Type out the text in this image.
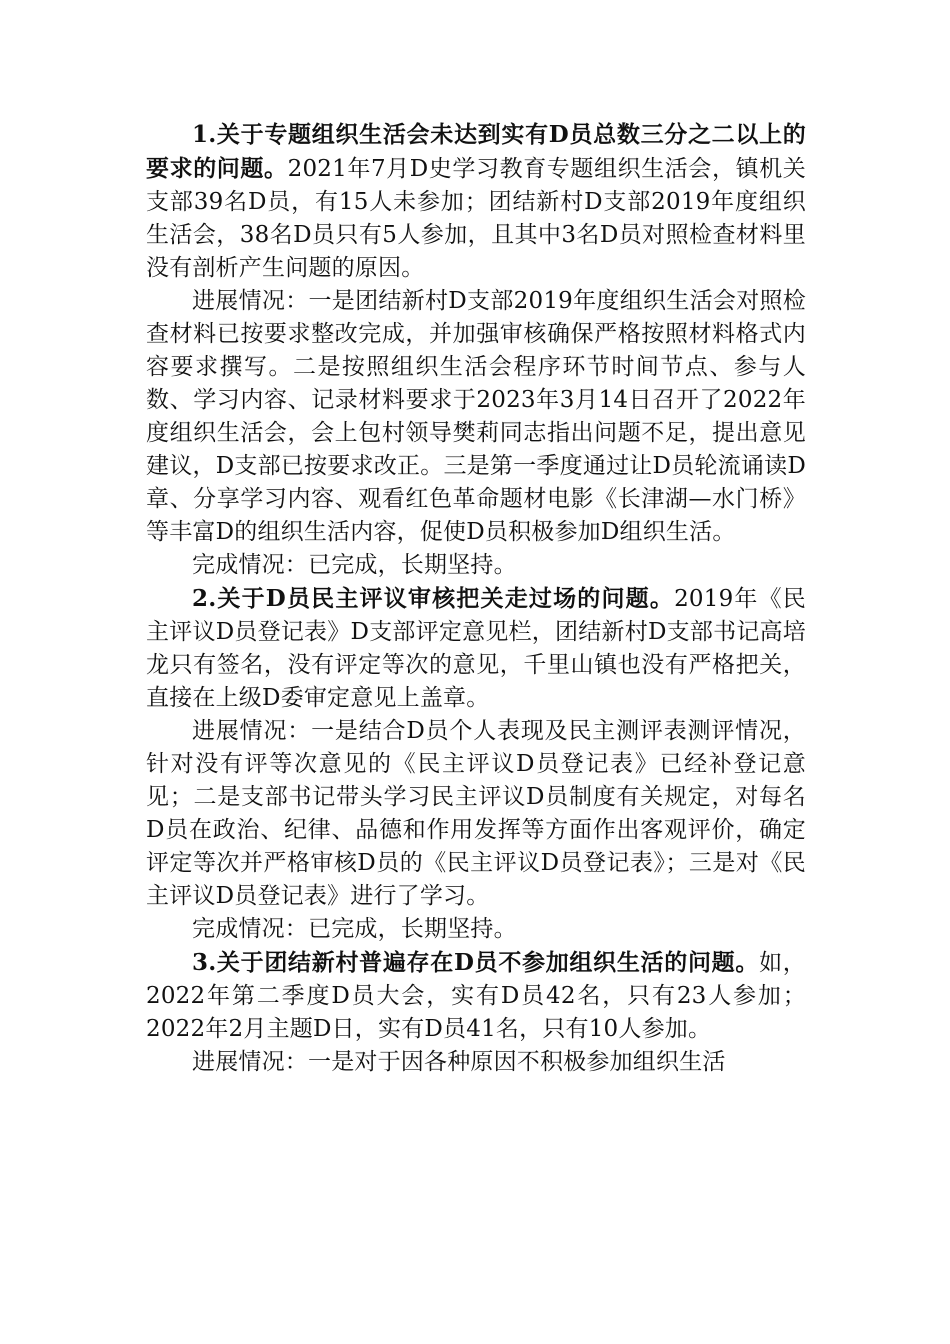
1.关于专题组织生活会未达到实有D员总数三分之二以上的要求的问题。2021年7月D史学习教育专题组织生活会，镇机关支部39名D员，有15人未参加；团结新村D支部2019年度组织生活会，38名D员只有5人参加，且其中3名D员对照检查材料里没有剖析产生问题的原因。

进展情况：一是团结新村D支部2019年度组织生活会对照检查材料已按要求整改完成，并加强审核确保严格按照材料格式内容要求撰写。二是按照组织生活会程序环节时间节点、参与人数、学习内容、记录材料要求于2023年3月14日召开了2022年度组织生活会，会上包村领导樊莉同志指出问题不足，提出意见建议，D支部已按要求改正。三是第一季度通过让D员轮流诵读D章、分享学习内容、观看红色革命题材电影《长津湖—水门桥》等丰富D的组织生活内容，促使D员积极参加D组织生活。

完成情况：已完成，长期坚持。

2.关于D员民主评议审核把关走过场的问题。2019年《民主评议D员登记表》D支部评定意见栏，团结新村D支部书记高培龙只有签名，没有评定等次的意见，千里山镇也没有严格把关，直接在上级D委审定意见上盖章。

进展情况：一是结合D员个人表现及民主测评表测评情况，针对没有评等次意见的《民主评议D员登记表》已经补登记意见；二是支部书记带头学习民主评议D员制度有关规定，对每名D员在政治、纪律、品德和作用发挥等方面作出客观评价，确定评定等次并严格审核D员的《民主评议D员登记表》；三是对《民主评议D员登记表》进行了学习。

完成情况：已完成，长期坚持。

3.关于团结新村普遍存在D员不参加组织生活的问题。如，2022年第二季度D员大会，实有D员42名，只有23人参加；2022年2月主题D日，实有D员41名，只有10人参加。

进展情况：一是对于因各种原因不积极参加组织生活
